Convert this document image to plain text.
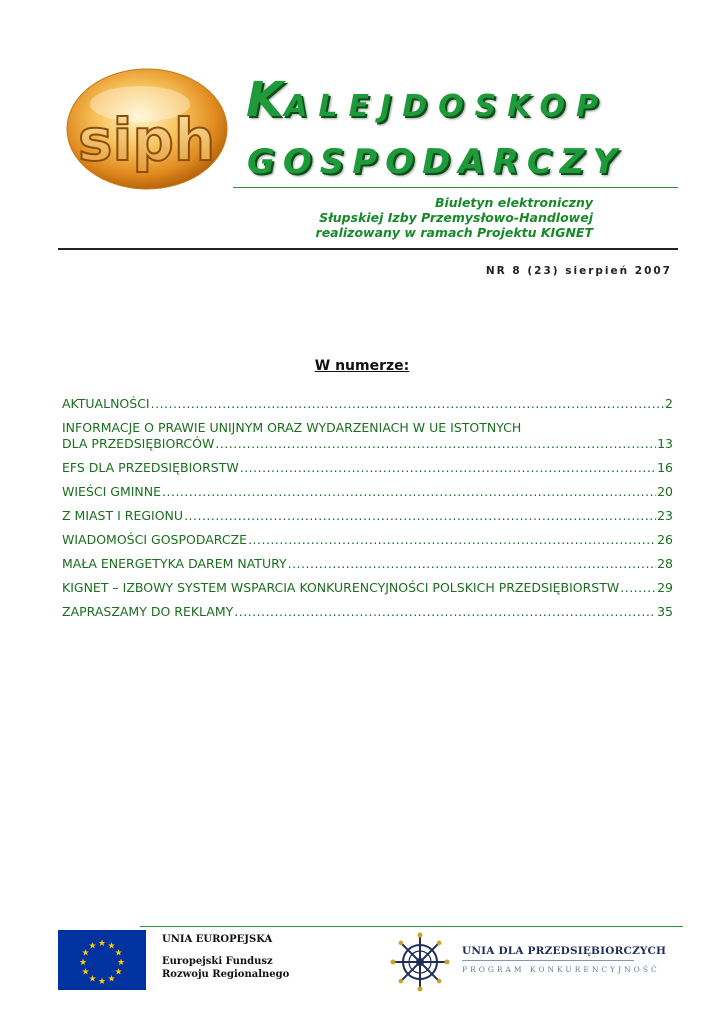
siph
KALEJDOSKOP
GOSPODARCZY
Biuletyn elektroniczny
Słupskiej Izby Przemysłowo-Handlowej
realizowany w ramach Projektu KIGNET
NR 8 (23) sierpień 2007
W numerze:
AKTUALNOŚCI .....	2
INFORMACJE O PRAWIE UNIJNYM ORAZ WYDARZENIACH W UE ISTOTNYCH
DLA PRZEDSIĘBIORCÓW .....	13
EFS DLA PRZEDSIĘBIORSTW .....	16
WIEŚCI GMINNE .....	20
Z MIAST I REGIONU .....	23
WIADOMOŚCI GOSPODARCZE .....	26
MAŁA ENERGETYKA DAREM NATURY .....	28
KIGNET – IZBOWY SYSTEM WSPARCIA KONKURENCYJNOŚCI POLSKICH PRZEDSIĘBIORSTW .....	29
ZAPRASZAMY DO REKLAMY .....	35
★ ★
★
★
★
★
★
★
★
★
★
★
UNIA EUROPEJSKA
Europejski Fundusz
Rozwoju Regionalnego
UNIA DLA PRZEDSIĘBIORCZYCH
PROGRAM KONKURENCYJNOŚĆ
